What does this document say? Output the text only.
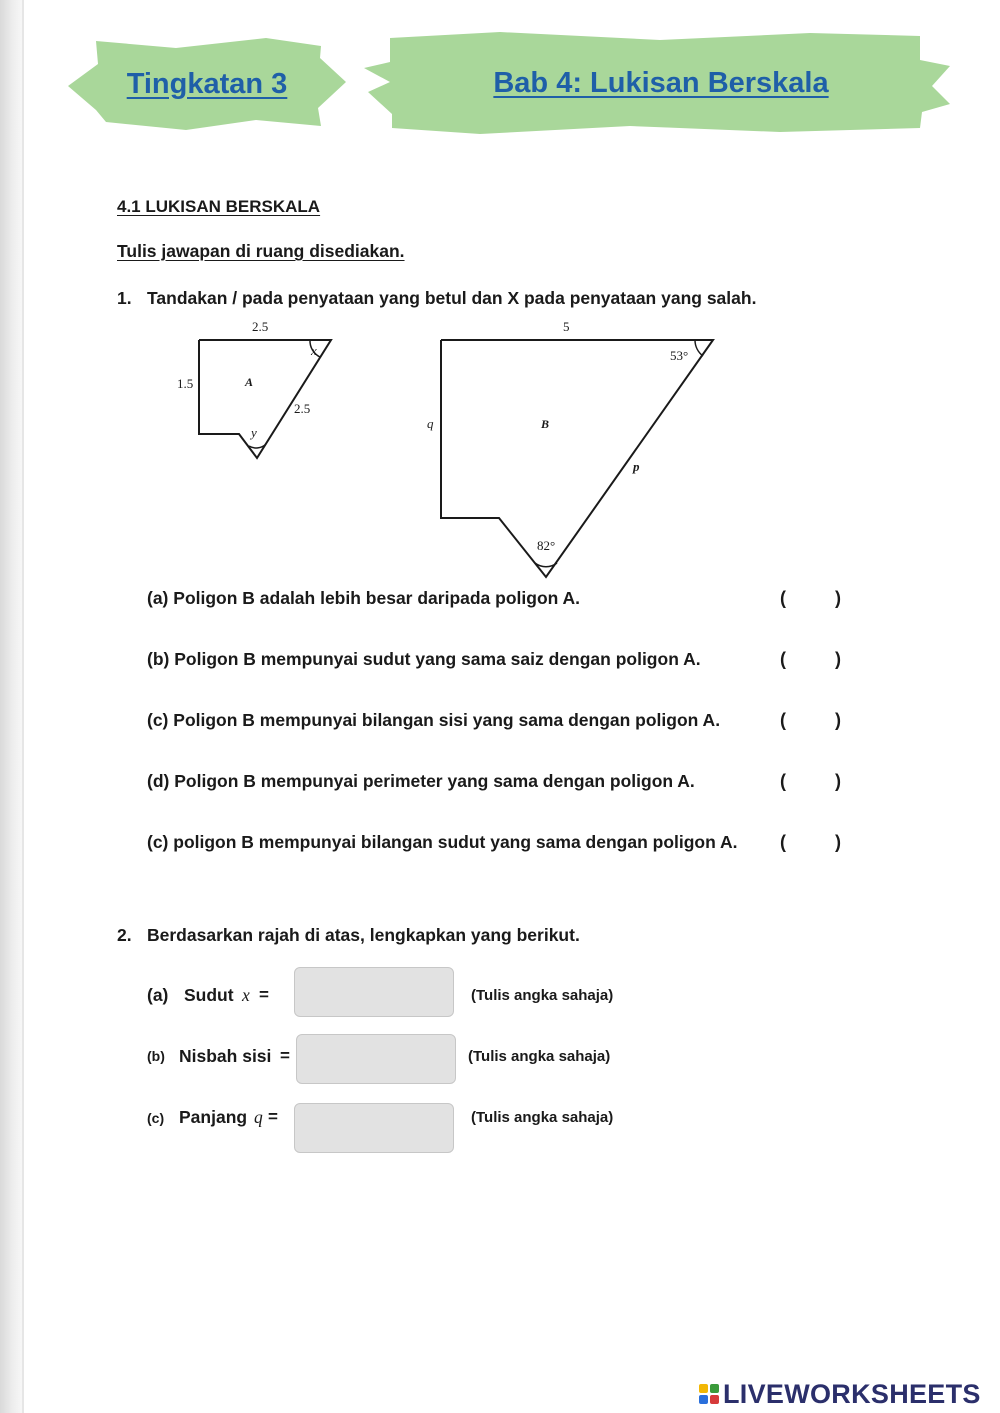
Tingkatan 3	Bab 4: Lukisan Berskala
4.1 LUKISAN BERSKALA
Tulis jawapan di ruang disediakan.
1. Tandakan / pada penyataan yang betul dan X pada penyataan yang salah.
2.5
1.5
2.5
A
x
y
5
q
p
B
53°
82°
(a) Poligon B adalah lebih besar daripada poligon A.	(	)
(b) Poligon B mempunyai sudut yang sama saiz dengan poligon A.	(	)
(c) Poligon B mempunyai bilangan sisi yang sama dengan poligon A.	(	)
(d) Poligon B mempunyai perimeter yang sama dengan poligon A.	(	)
(c) poligon B mempunyai bilangan sudut yang sama dengan poligon A. (	)
2. Berdasarkan rajah di atas, lengkapkan yang berikut.
(a) Sudut x =	(Tulis angka sahaja)
(b) Nisbah sisi =	(Tulis angka sahaja)
(c) Panjang q =	(Tulis angka sahaja)
LIVEWORKSHEETS
